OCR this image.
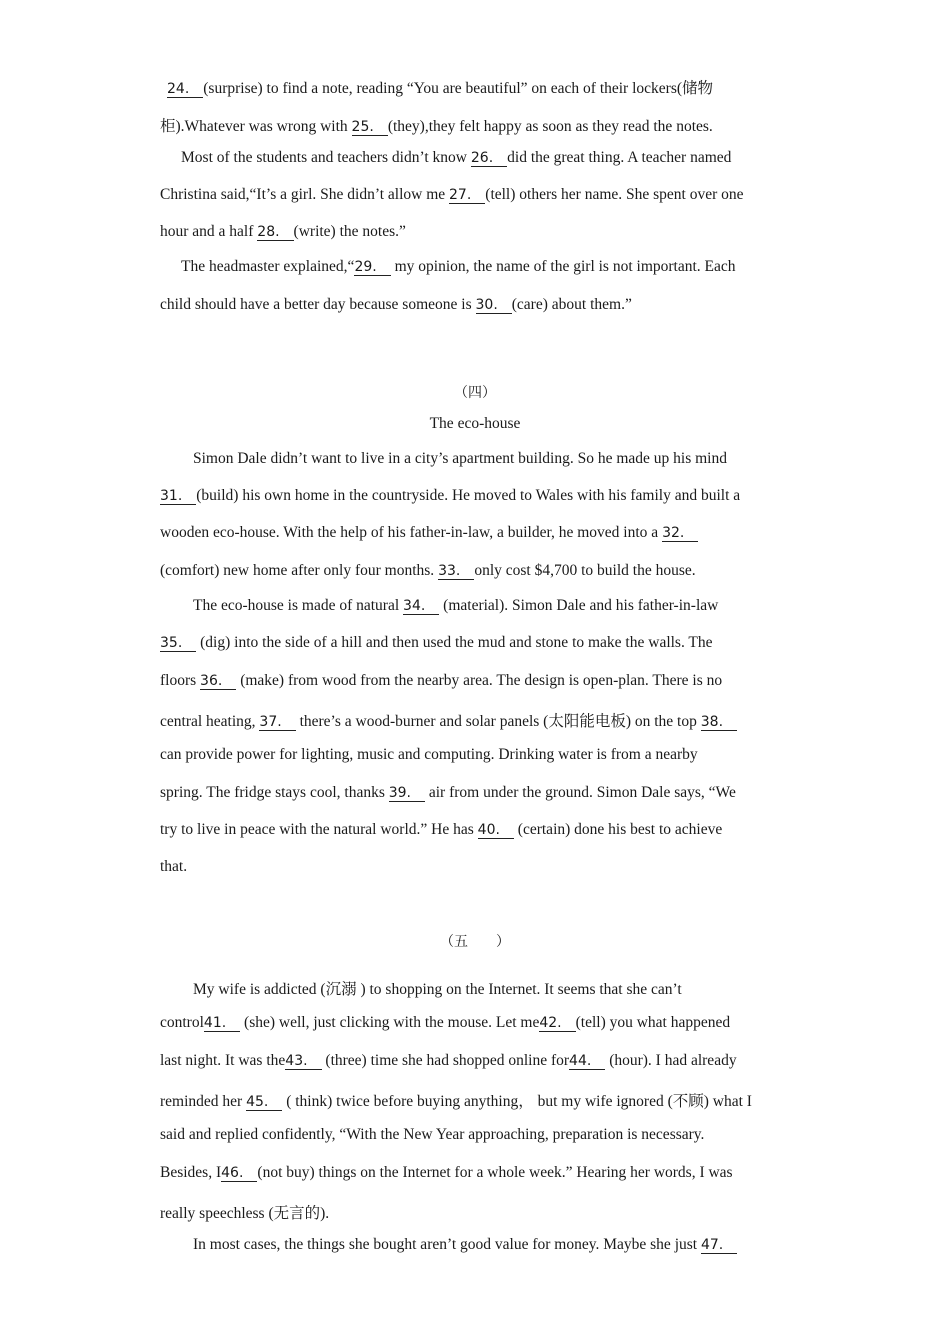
24. (surprise) to find a note, reading “You are beautiful” on each of their lockers(储物
柜).Whatever was wrong with 25. (they),they felt happy as soon as they read the notes.
Most of the students and teachers didn’t know 26. did the great thing. A teacher named
Christina said,“It’s a girl. She didn’t allow me 27. (tell) others her name. She spent over one
hour and a half 28. (write) the notes.”
The headmaster explained,“29. my opinion, the name of the girl is not important. Each
child should have a better day because someone is 30. (care) about them.”
（四）
The eco-house
Simon Dale didn’t want to live in a city’s apartment building. So he made up his mind
31. (build) his own home in the countryside. He moved to Wales with his family and built a
wooden eco-house. With the help of his father-in-law, a builder, he moved into a 32.
(comfort) new home after only four months. 33. only cost $4,700 to build the house.
The eco-house is made of natural 34. (material). Simon Dale and his father-in-law
35. (dig) into the side of a hill and then used the mud and stone to make the walls. The
floors 36. (make) from wood from the nearby area. The design is open-plan. There is no
central heating, 37. there’s a wood-burner and solar panels (太阳能电板) on the top 38.
can provide power for lighting, music and computing. Drinking water is from a nearby
spring. The fridge stays cool, thanks 39. air from under the ground. Simon Dale says, “We
try to live in peace with the natural world.” He has 40. (certain) done his best to achieve
that.
（五　　）
My wife is addicted (沉溺 ) to shopping on the Internet. It seems that she can’t
control41. (she) well, just clicking with the mouse. Let me42. (tell) you what happened
last night. It was the43. (three) time she had shopped online for44. (hour). I had already
reminded her 45. ( think) twice before buying anything， but my wife ignored (不顾) what I
said and replied confidently, “With the New Year approaching, preparation is necessary.
Besides, I46. (not buy) things on the Internet for a whole week.” Hearing her words, I was
really speechless (无言的).
In most cases, the things she bought aren’t good value for money. Maybe she just 47.
